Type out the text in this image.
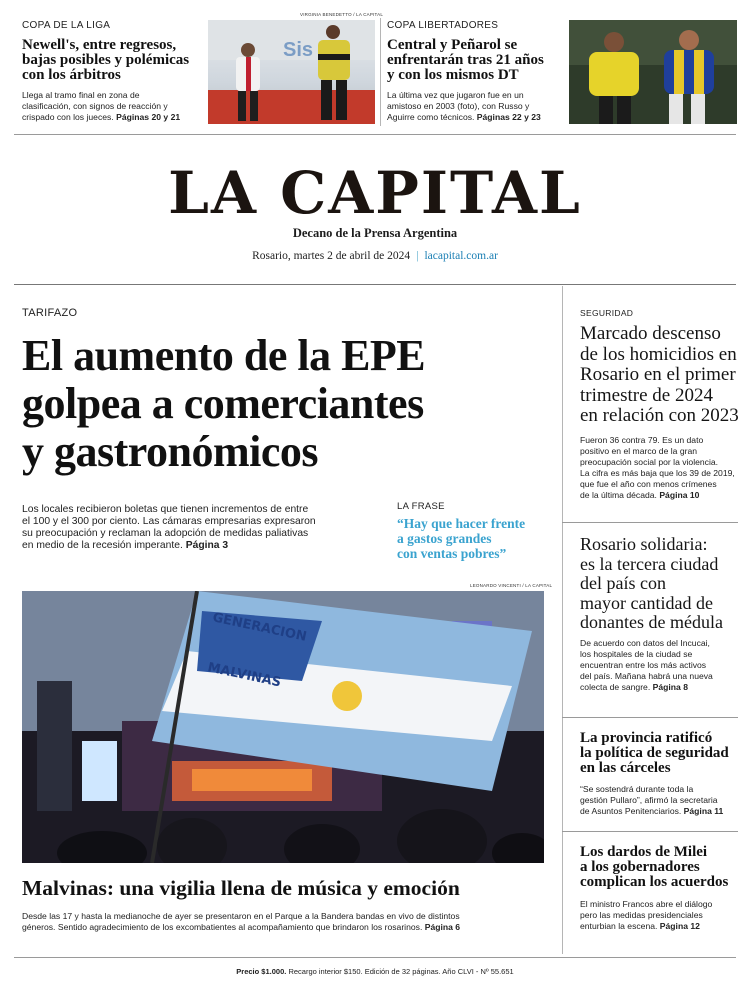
COPA DE LA LIGA
Newell's, entre regresos,
bajas posibles y polémicas
con los árbitros
Llega al tramo final en zona de
clasificación, con signos de reacción y
crispado con los jueces. Páginas 20 y 21
VIRGINIA BENEDETTO / LA CAPITAL
Sis
COPA LIBERTADORES
Central y Peñarol se
enfrentarán tras 21 años
y con los mismos DT
La última vez que jugaron fue en un
amistoso en 2003 (foto), con Russo y
Aguirre como técnicos. Páginas 22 y 23
LA CAPITAL
Decano de la Prensa Argentina
Rosario, martes 2 de abril de 2024 | lacapital.com.ar
TARIFAZO
El aumento de la EPE
golpea a comerciantes
y gastronómicos
Los locales recibieron boletas que tienen incrementos de entre
el 100 y el 300 por ciento. Las cámaras empresarias expresaron
su preocupación y reclaman la adopción de medidas paliativas
en medio de la recesión imperante. Página 3
LA FRASE
“Hay que hacer frente
a gastos grandes
con ventas pobres”
LEONARDO VINCENTI / LA CAPITAL
GENERACION
MALVINAS
Malvinas: una vigilia llena de música y emoción
Desde las 17 y hasta la medianoche de ayer se presentaron en el Parque a la Bandera bandas en vivo de distintos
géneros. Sentido agradecimiento de los excombatientes al acompañamiento que brindaron los rosarinos. Página 6
SEGURIDAD
Marcado descenso
de los homicidios en
Rosario en el primer
trimestre de 2024
en relación con 2023
Fueron 36 contra 79. Es un dato
positivo en el marco de la gran
preocupación social por la violencia.
La cifra es más baja que los 39 de 2019,
que fue el año con menos crímenes
de la última década. Página 10
Rosario solidaria:
es la tercera ciudad
del país con
mayor cantidad de
donantes de médula
De acuerdo con datos del Incucai,
los hospitales de la ciudad se
encuentran entre los más activos
del país. Mañana habrá una nueva
colecta de sangre. Página 8
La provincia ratificó
la política de seguridad
en las cárceles
“Se sostendrá durante toda la
gestión Pullaro”, afirmó la secretaria
de Asuntos Penitenciarios. Página 11
Los dardos de Milei
a los gobernadores
complican los acuerdos
El ministro Francos abre el diálogo
pero las medidas presidenciales
enturbian la escena. Página 12
Precio $1.000. Recargo interior $150. Edición de 32 páginas. Año CLVI - Nº 55.651
